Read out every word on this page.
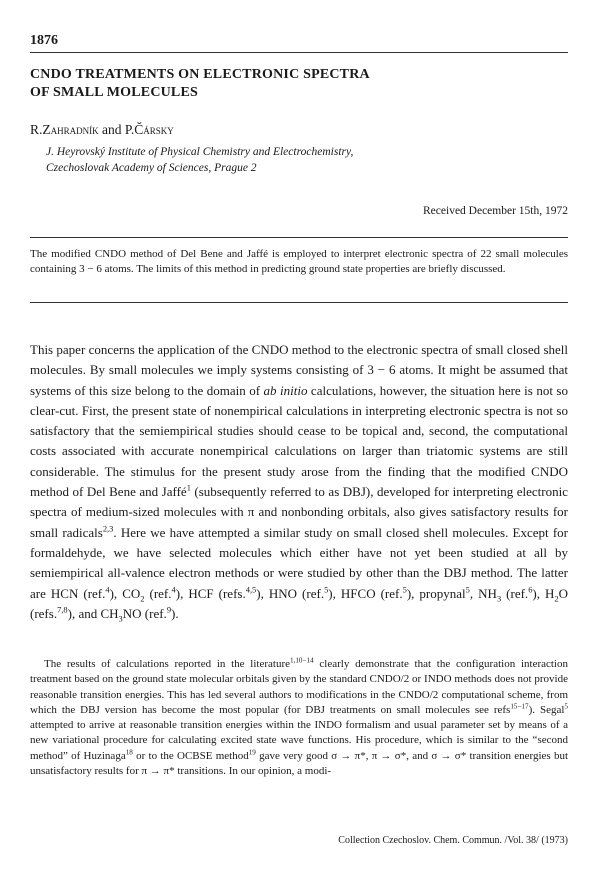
1876
CNDO TREATMENTS ON ELECTRONIC SPECTRA
OF SMALL MOLECULES
R.Zahradník and P.Čársky
J. Heyrovský Institute of Physical Chemistry and Electrochemistry,
Czechoslovak Academy of Sciences, Prague 2
Received December 15th, 1972
The modified CNDO method of Del Bene and Jaffé is employed to interpret electronic spectra of 22 small molecules containing 3 − 6 atoms. The limits of this method in predicting ground state properties are briefly discussed.

This paper concerns the application of the CNDO method to the electronic spectra of small closed shell molecules. By small molecules we imply systems consisting of 3 − 6 atoms. It might be assumed that systems of this size belong to the domain of ab initio calculations, however, the situation here is not so clear-cut. First, the present state of nonempirical calculations in interpreting electronic spectra is not so satisfactory that the semiempirical studies should cease to be topical and, second, the computational costs associated with accurate nonempirical calculations on larger than triatomic systems are still considerable. The stimulus for the present study arose from the finding that the modified CNDO method of Del Bene and Jaffé$^1$ (subsequently referred to as DBJ), developed for interpreting electronic spectra of medium-sized molecules with π and nonbonding orbitals, also gives satisfactory results for small radicals$^{2,3}$. Here we have attempted a similar study on small closed shell molecules. Except for formaldehyde, we have selected molecules which either have not yet been studied at all by semiempirical all-valence electron methods or were studied by other than the DBJ method. The latter are HCN (ref.$^4$), $CO_2$ (ref.$^4$), HCF (refs.$^{4,5}$), HNO (ref.$^5$), HFCO (ref.$^5$), propynal$^5$, $NH_3$ (ref.$^6$), $H_2O$ (refs.$^{7,8}$), and $CH_3NO$ (ref.$^9$).

The results of calculations reported in the literature$^{1,10-14}$ clearly demonstrate that the configuration interaction treatment based on the ground state molecular orbitals given by the standard CNDO/2 or INDO methods does not provide reasonable transition energies. This has led several authors to modifications in the CNDO/2 computational scheme, from which the DBJ version has become the most popular (for DBJ treatments on small molecules see refs$^{15-17}$). Segal$^5$ attempted to arrive at reasonable transition energies within the INDO formalism and usual parameter set by means of a new variational procedure for calculating excited state wave functions. His procedure, which is similar to the “second method” of Huzinaga$^{18}$ or to the OCBSE method$^{19}$ gave very good σ → π*, π → σ*, and σ → σ* transition energies but unsatisfactory results for π → π* transitions. In our opinion, a modi-

Collection Czechoslov. Chem. Commun. /Vol. 38/ (1973)
